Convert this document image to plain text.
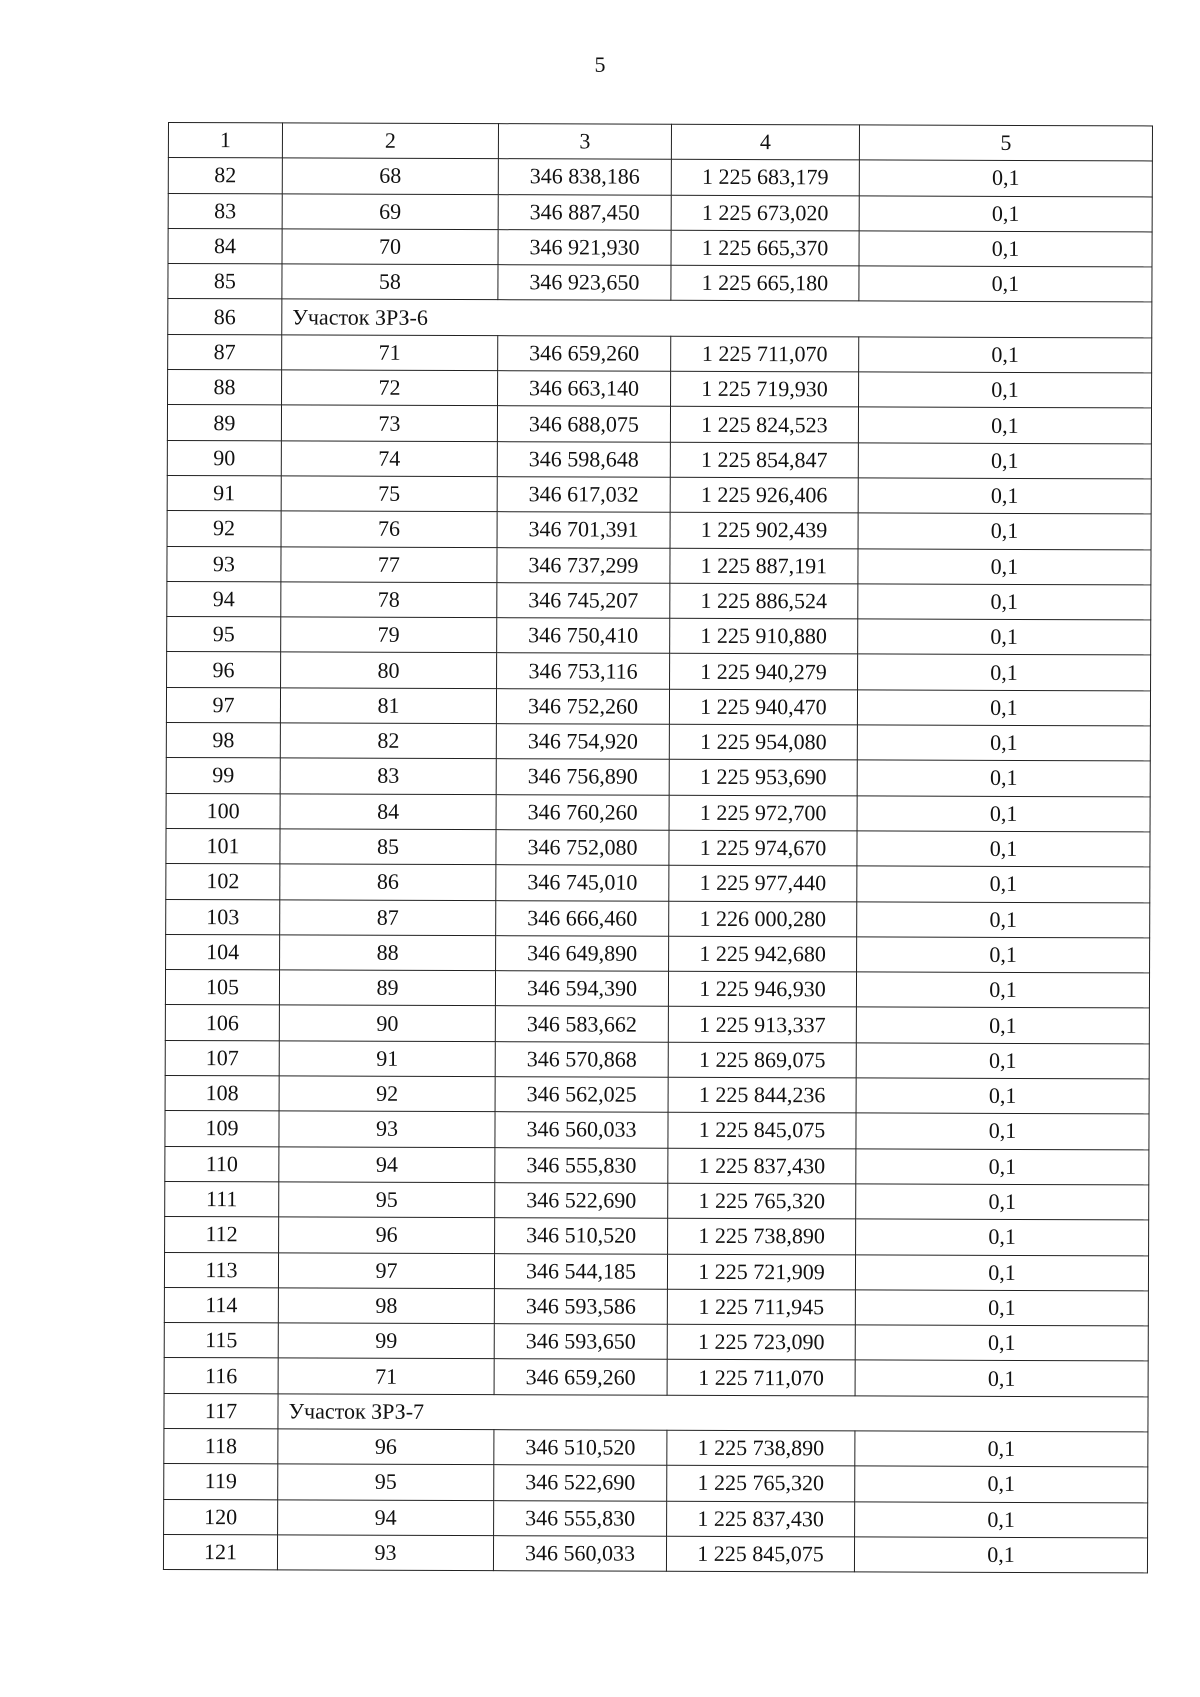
5
1	2	3	4	5
82	68	346 838,186	1 225 683,179	0,1
83	69	346 887,450	1 225 673,020	0,1
84	70	346 921,930	1 225 665,370	0,1
85	58	346 923,650	1 225 665,180	0,1
86	Участок ЗРЗ-6			
87	71	346 659,260	1 225 711,070	0,1
88	72	346 663,140	1 225 719,930	0,1
89	73	346 688,075	1 225 824,523	0,1
90	74	346 598,648	1 225 854,847	0,1
91	75	346 617,032	1 225 926,406	0,1
92	76	346 701,391	1 225 902,439	0,1
93	77	346 737,299	1 225 887,191	0,1
94	78	346 745,207	1 225 886,524	0,1
95	79	346 750,410	1 225 910,880	0,1
96	80	346 753,116	1 225 940,279	0,1
97	81	346 752,260	1 225 940,470	0,1
98	82	346 754,920	1 225 954,080	0,1
99	83	346 756,890	1 225 953,690	0,1
100	84	346 760,260	1 225 972,700	0,1
101	85	346 752,080	1 225 974,670	0,1
102	86	346 745,010	1 225 977,440	0,1
103	87	346 666,460	1 226 000,280	0,1
104	88	346 649,890	1 225 942,680	0,1
105	89	346 594,390	1 225 946,930	0,1
106	90	346 583,662	1 225 913,337	0,1
107	91	346 570,868	1 225 869,075	0,1
108	92	346 562,025	1 225 844,236	0,1
109	93	346 560,033	1 225 845,075	0,1
110	94	346 555,830	1 225 837,430	0,1
111	95	346 522,690	1 225 765,320	0,1
112	96	346 510,520	1 225 738,890	0,1
113	97	346 544,185	1 225 721,909	0,1
114	98	346 593,586	1 225 711,945	0,1
115	99	346 593,650	1 225 723,090	0,1
116	71	346 659,260	1 225 711,070	0,1
117	Участок ЗРЗ-7			
118	96	346 510,520	1 225 738,890	0,1
119	95	346 522,690	1 225 765,320	0,1
120	94	346 555,830	1 225 837,430	0,1
121	93	346 560,033	1 225 845,075	0,1
